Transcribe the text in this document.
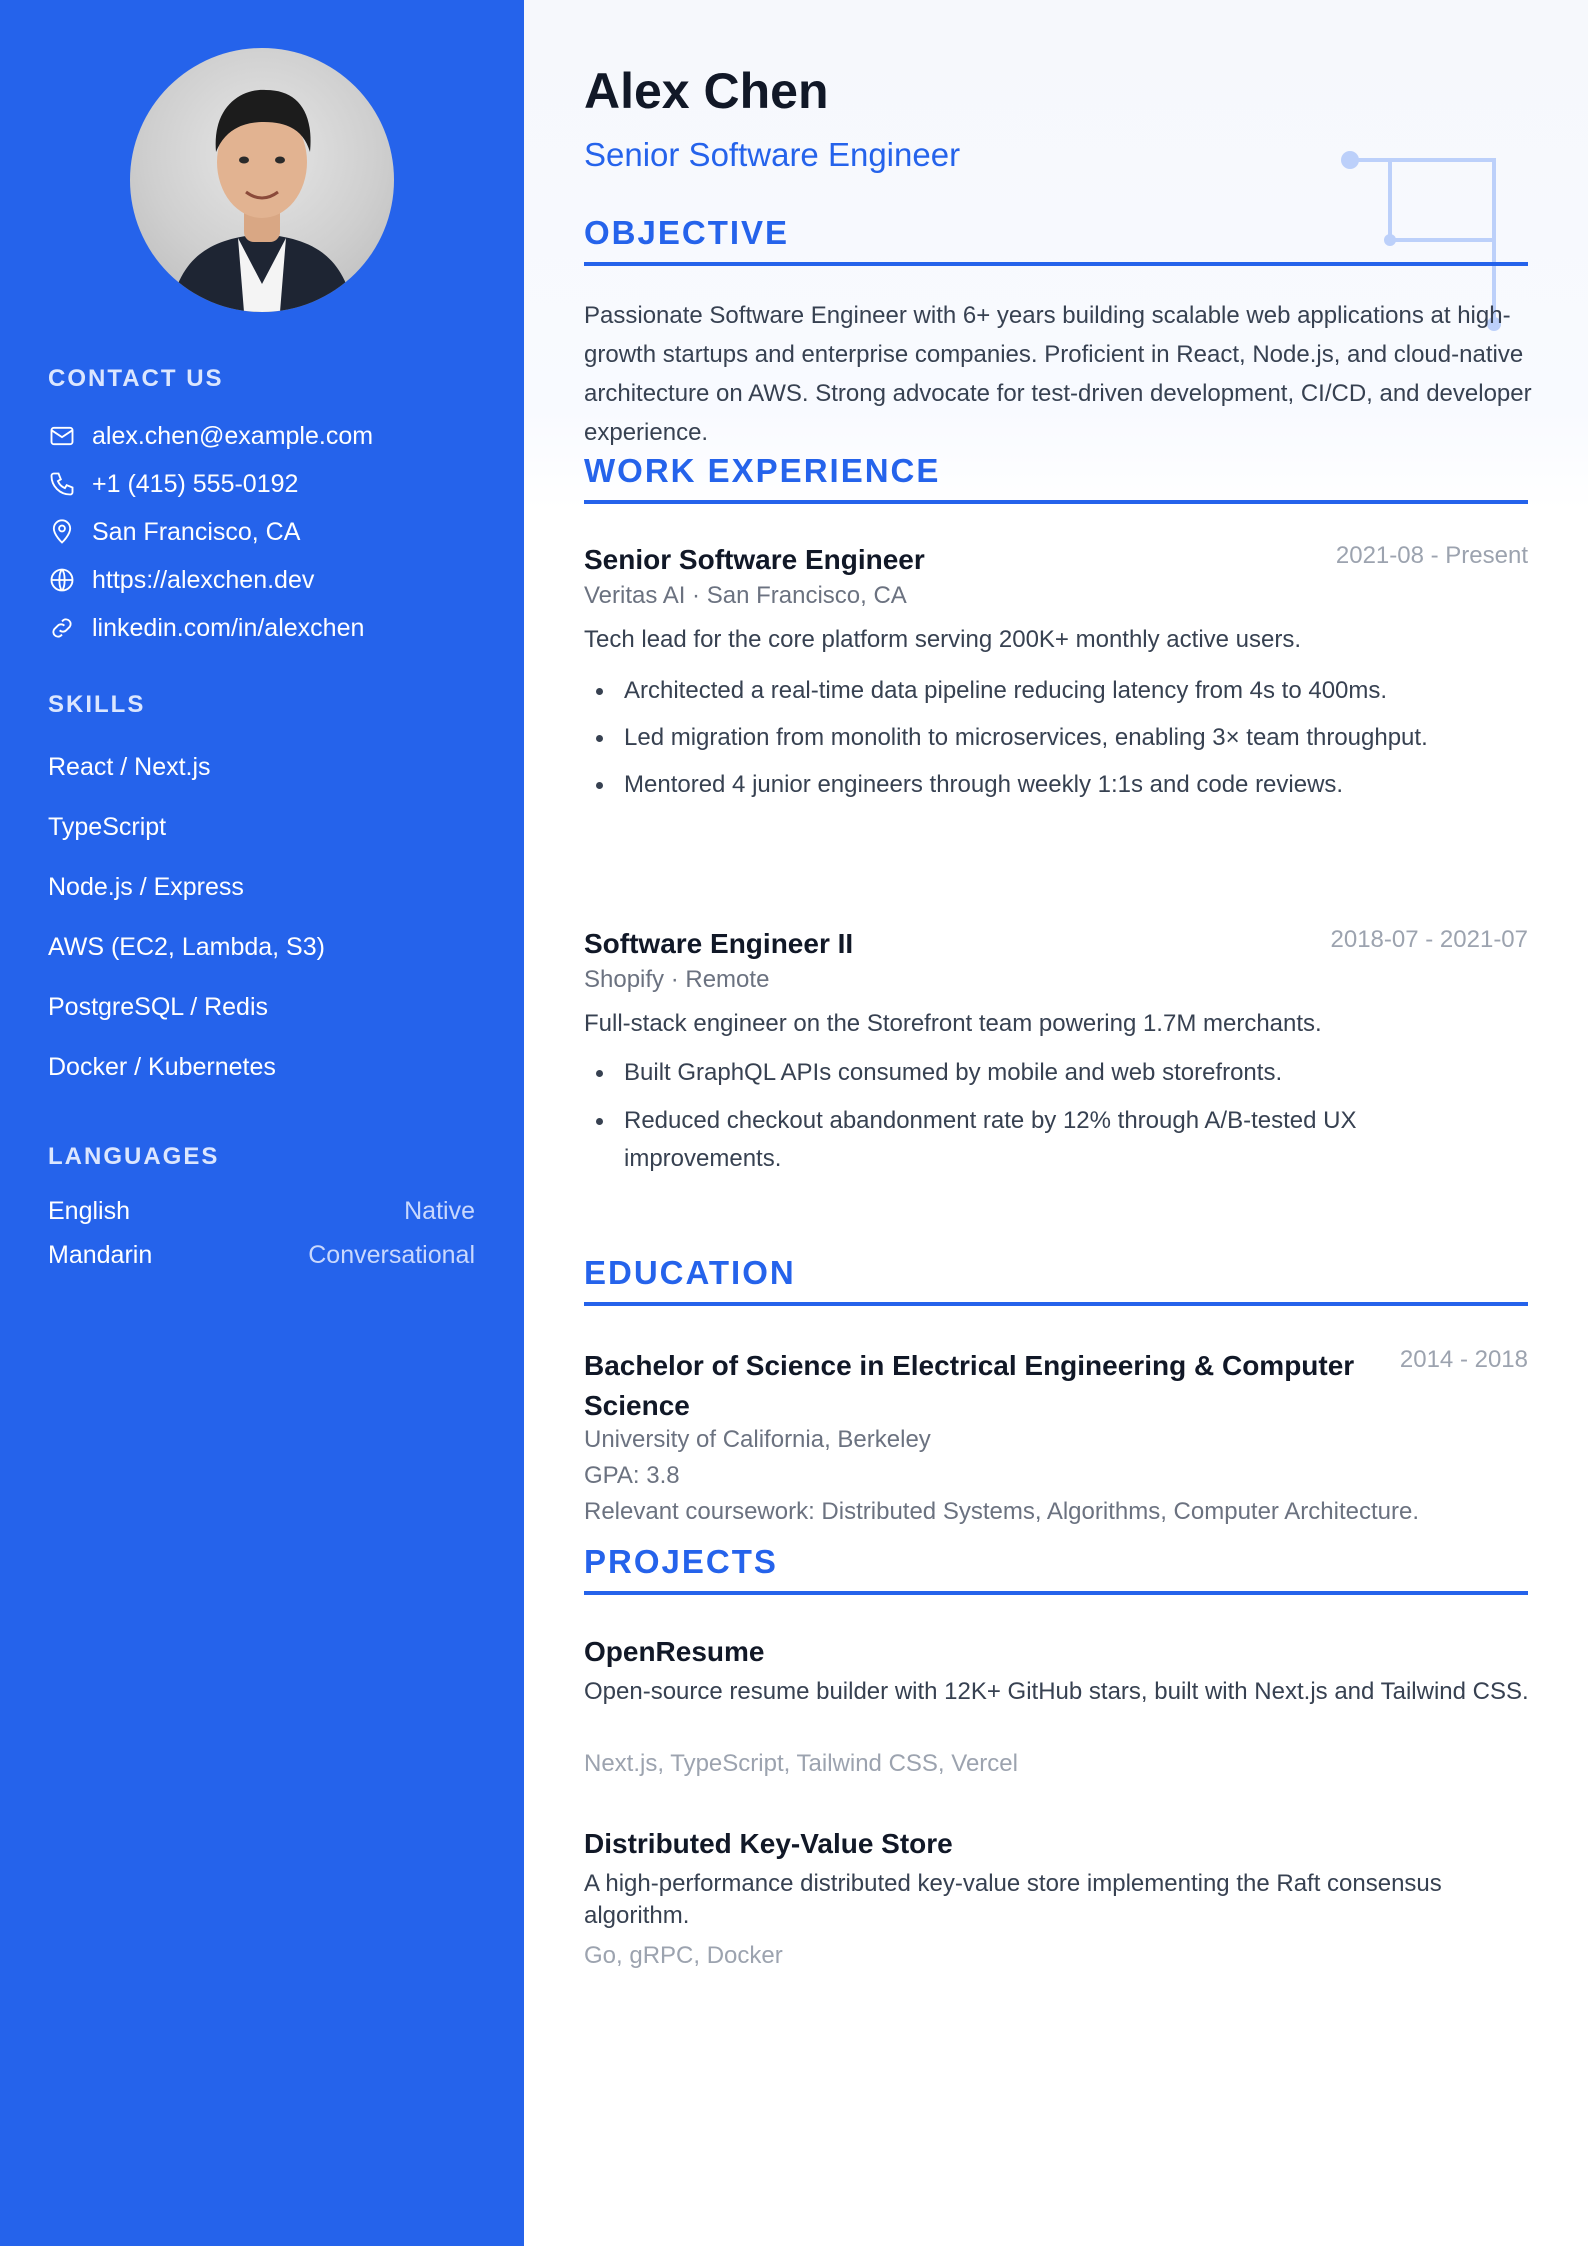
CONTACT US
alex.chen@example.com
+1 (415) 555-0192
San Francisco, CA
https://alexchen.dev
linkedin.com/in/alexchen
SKILLS
React / Next.js
TypeScript
Node.js / Express
AWS (EC2, Lambda, S3)
PostgreSQL / Redis
Docker / Kubernetes
LANGUAGES
English	Native
Mandarin	Conversational
Alex Chen
Senior Software Engineer
OBJECTIVE
Passionate Software Engineer with 6+ years building scalable web applications at high-growth startups and enterprise companies. Proficient in React, Node.js, and cloud-native architecture on AWS. Strong advocate for test-driven development, CI/CD, and developer experience.
WORK EXPERIENCE
Senior Software Engineer	2021-08 - Present
Veritas AI · San Francisco, CA
Tech lead for the core platform serving 200K+ monthly active users.
Architected a real-time data pipeline reducing latency from 4s to 400ms.
Led migration from monolith to microservices, enabling 3× team throughput.
Mentored 4 junior engineers through weekly 1:1s and code reviews.
Software Engineer II	2018-07 - 2021-07
Shopify · Remote
Full-stack engineer on the Storefront team powering 1.7M merchants.
Built GraphQL APIs consumed by mobile and web storefronts.
Reduced checkout abandonment rate by 12% through A/B-tested UX improvements.
EDUCATION
Bachelor of Science in Electrical Engineering & Computer Science
2014 - 2018
University of California, Berkeley
GPA: 3.8
Relevant coursework: Distributed Systems, Algorithms, Computer Architecture.
PROJECTS
OpenResume
Open-source resume builder with 12K+ GitHub stars, built with Next.js and Tailwind CSS.
Next.js, TypeScript, Tailwind CSS, Vercel
Distributed Key-Value Store
A high-performance distributed key-value store implementing the Raft consensus algorithm.
Go, gRPC, Docker
